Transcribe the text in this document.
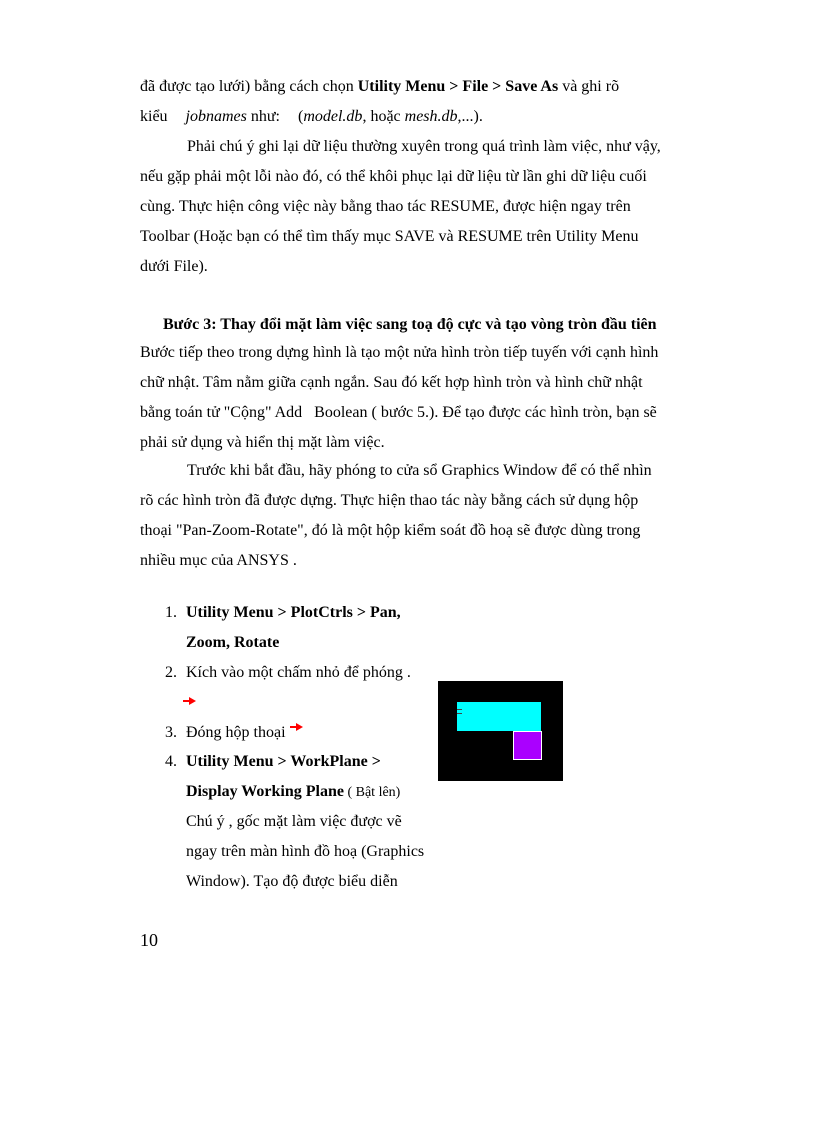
đã được tạo lưới) bằng cách chọn Utility Menu > File > Save As và ghi rõ
kiểu jobnames như: (model.db, hoặc mesh.db,...).
Phải chú ý ghi lại dữ liệu thường xuyên trong quá trình làm việc, như vậy,
nếu gặp phải một lỗi nào đó, có thể khôi phục lại dữ liệu từ lần ghi dữ liệu cuối
cùng. Thực hiện công việc này bằng thao tác RESUME, được hiện ngay trên
Toolbar (Hoặc bạn có thể tìm thấy mục SAVE và RESUME trên Utility Menu
dưới File).
Bước 3: Thay đổi mặt làm việc sang toạ độ cực và tạo vòng tròn đầu tiên
Bước tiếp theo trong dựng hình là tạo một nửa hình tròn tiếp tuyến với cạnh hình
chữ nhật. Tâm nằm giữa cạnh ngắn. Sau đó kết hợp hình tròn và hình chữ nhật
bằng toán tử "Cộng" Add   Boolean ( bước 5.). Để tạo được các hình tròn, bạn sẽ
phải sử dụng và hiển thị mặt làm việc.
Trước khi bắt đầu, hãy phóng to cửa sổ Graphics Window để có thể nhìn
rõ các hình tròn đã được dựng. Thực hiện thao tác này bằng cách sử dụng hộp
thoại "Pan-Zoom-Rotate", đó là một hộp kiểm soát đồ hoạ sẽ được dùng trong
nhiều mục của ANSYS .
1. Utility Menu > PlotCtrls > Pan,
Zoom, Rotate
2. Kích vào một chấm nhỏ để phóng .
3. Đóng hộp thoại
4. Utility Menu > WorkPlane >
Display Working Plane ( Bật lên)
Chú ý , gốc mặt làm việc được vẽ
ngay trên màn hình đồ hoạ (Graphics
Window). Tạo độ được biểu diễn
10
